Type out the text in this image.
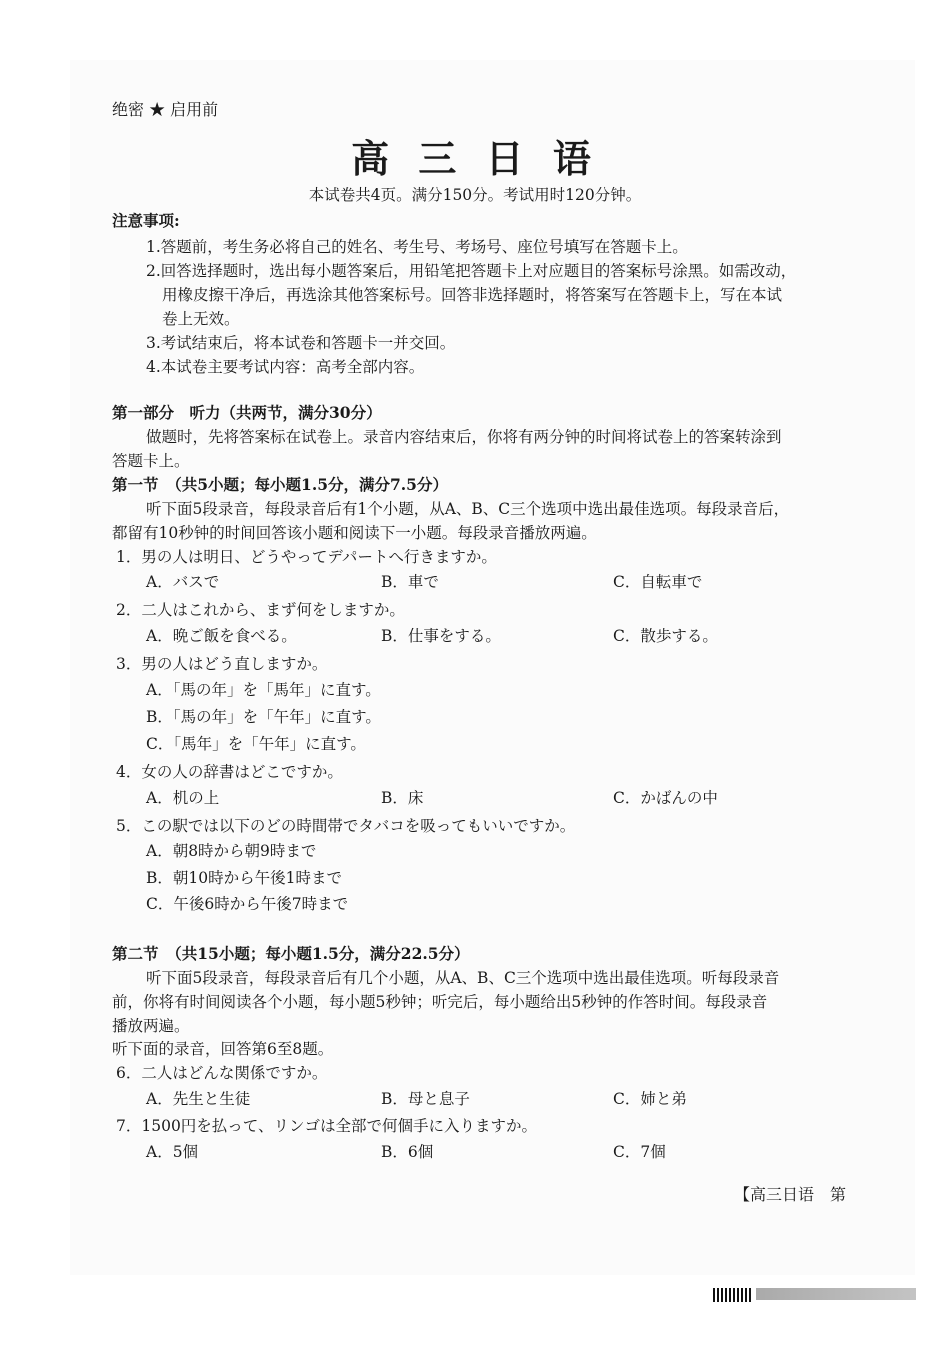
绝密 ★ 启用前
高 三 日 语
本试卷共4页。满分150分。考试用时120分钟。
注意事项:
1.答题前，考生务必将自己的姓名、考生号、考场号、座位号填写在答题卡上。
2.回答选择题时，选出每小题答案后，用铅笔把答题卡上对应题目的答案标号涂黑。如需改动，
用橡皮擦干净后，再选涂其他答案标号。回答非选择题时，将答案写在答题卡上，写在本试
卷上无效。
3.考试结束后，将本试卷和答题卡一并交回。
4.本试卷主要考试内容：高考全部内容。
第一部分　听力（共两节，满分30分）
做题时，先将答案标在试卷上。录音内容结束后，你将有两分钟的时间将试卷上的答案转涂到
答题卡上。
第一节　（共5小题；每小题1.5分，满分7.5分）
听下面5段录音，每段录音后有1个小题，从A、B、C三个选项中选出最佳选项。每段录音后，
都留有10秒钟的时间回答该小题和阅读下一小题。每段录音播放两遍。
1．男の人は明日、どうやってデパートへ行きますか。
A．バスで	B．車で	C．自転車で
2．二人はこれから、まず何をしますか。
A．晩ご飯を食べる。	B．仕事をする。	C．散歩する。
3．男の人はどう直しますか。
A．「馬の年」を「馬年」に直す。
B．「馬の年」を「午年」に直す。
C．「馬年」を「午年」に直す。
4．女の人の辞書はどこですか。
A．机の上	B．床	C．かばんの中
5．この駅では以下のどの時間帯でタバコを吸ってもいいですか。
A．朝8時から朝9時まで
B．朝10時から午後1時まで
C．午後6時から午後7時まで
第二节　（共15小题；每小题1.5分，满分22.5分）
听下面5段录音，每段录音后有几个小题，从A、B、C三个选项中选出最佳选项。听每段录音
前，你将有时间阅读各个小题，每小题5秒钟；听完后，每小题给出5秒钟的作答时间。每段录音
播放两遍。
听下面的录音，回答第6至8题。
6．二人はどんな関係ですか。
A．先生と生徒	B．母と息子	C．姉と弟
7．1500円を払って、リンゴは全部で何個手に入りますか。
A．5個	B．6個	C．7個
【高三日语　第
